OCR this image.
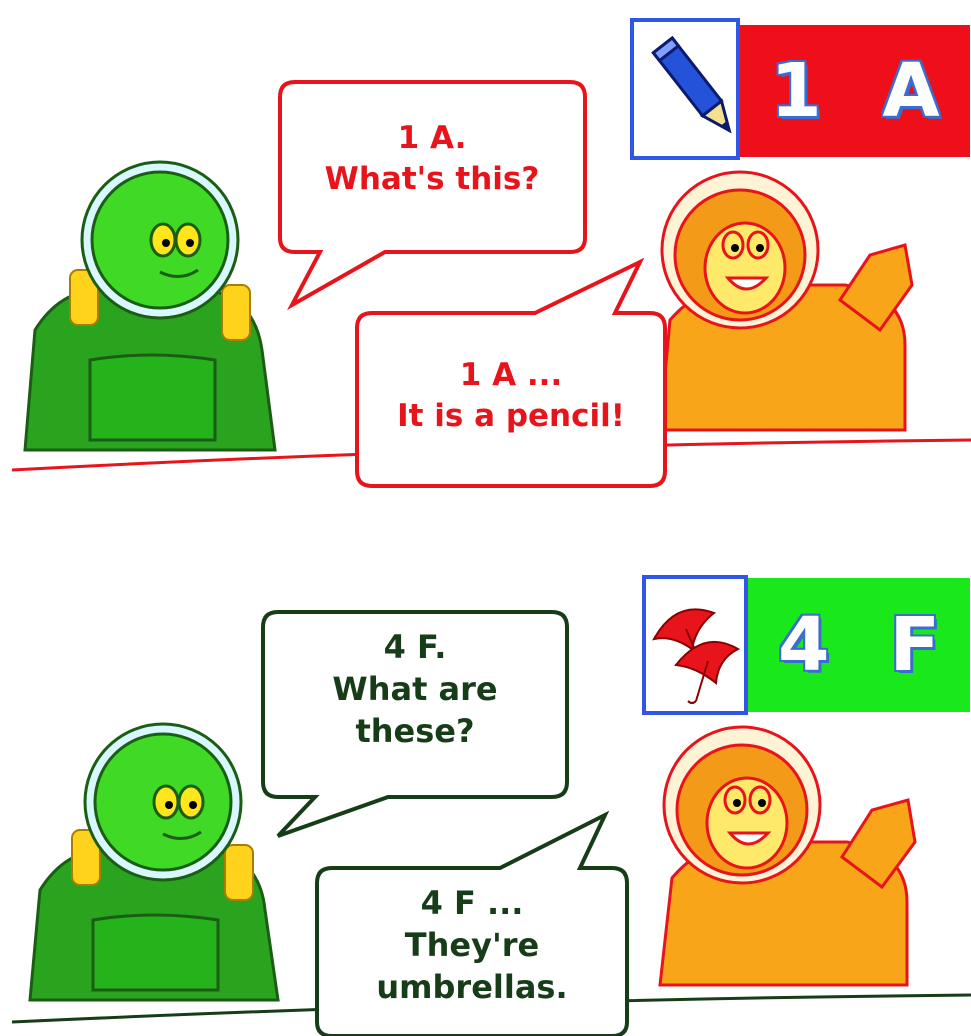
1 A
1 A.
What's this?
1 A ...
It is a pencil!
4 F
4 F.
What are
these?
4 F ...
They're
umbrellas.
